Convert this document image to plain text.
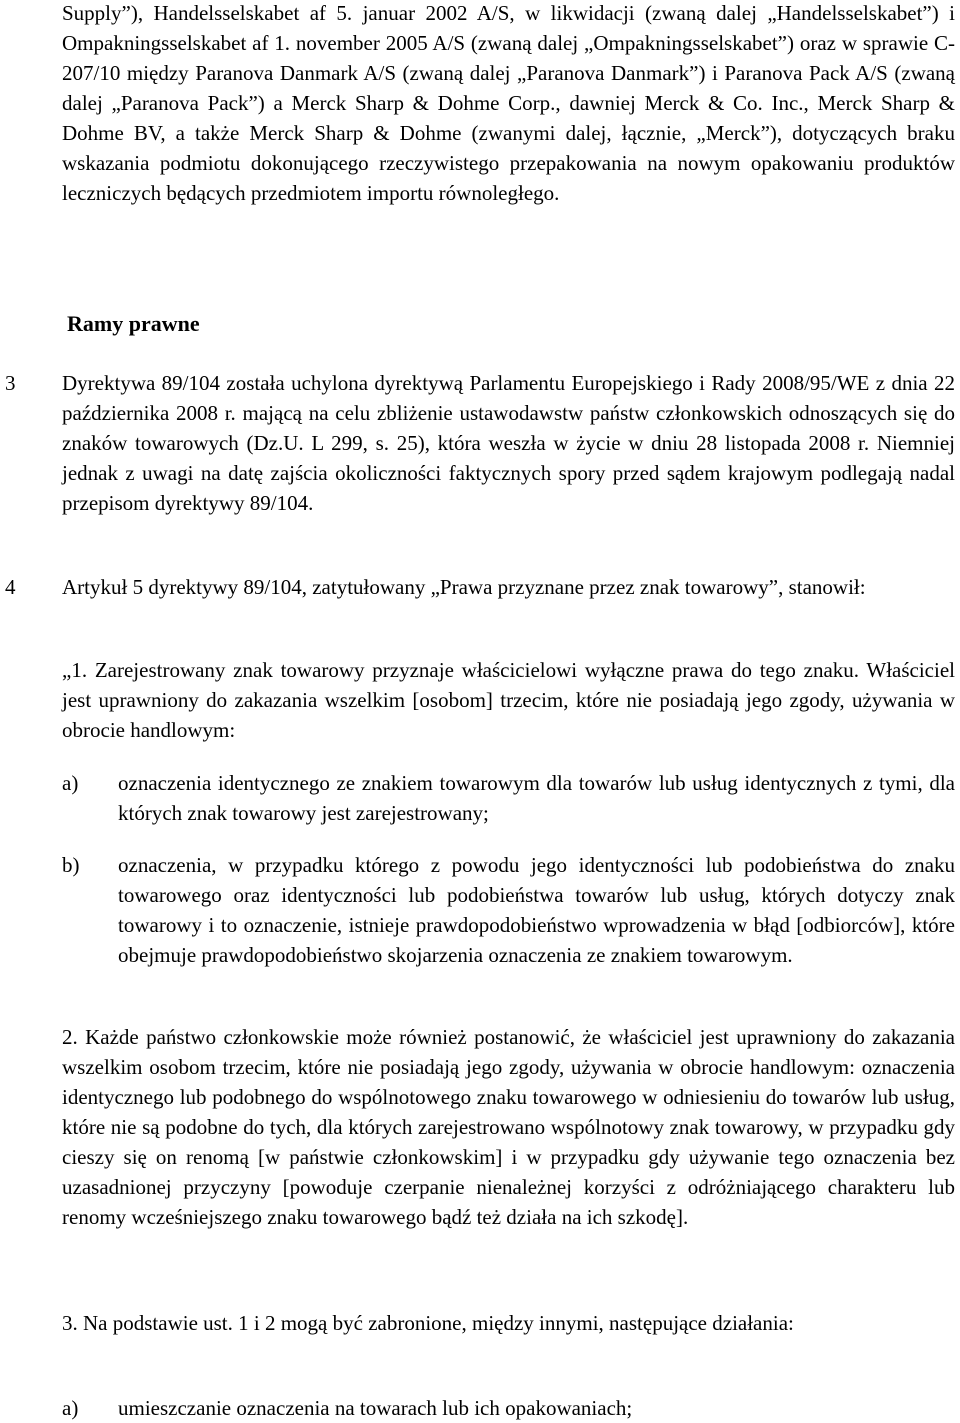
Supply”), Handelsselskabet af 5. januar 2002 A/S, w likwidacji (zwaną dalej „Handelsselskabet”) i Ompakningsselskabet af 1. november 2005 A/S (zwaną dalej „Ompakningsselskabet”) oraz w sprawie C-207/10 między Paranova Danmark A/S (zwaną dalej „Paranova Danmark”) i Paranova Pack A/S (zwaną dalej „Paranova Pack”) a Merck Sharp & Dohme Corp., dawniej Merck & Co. Inc., Merck Sharp & Dohme BV, a także Merck Sharp & Dohme (zwanymi dalej, łącznie, „Merck”), dotyczących braku wskazania podmiotu dokonującego rzeczywistego przepakowania na nowym opakowaniu produktów leczniczych będących przedmiotem importu równoległego.
Ramy prawne
3 Dyrektywa 89/104 została uchylona dyrektywą Parlamentu Europejskiego i Rady 2008/95/WE z dnia 22 października 2008 r. mającą na celu zbliżenie ustawodawstw państw członkowskich odnoszących się do znaków towarowych (Dz.U. L 299, s. 25), która weszła w życie w dniu 28 listopada 2008 r. Niemniej jednak z uwagi na datę zajścia okoliczności faktycznych spory przed sądem krajowym podlegają nadal przepisom dyrektywy 89/104.
4 Artykuł 5 dyrektywy 89/104, zatytułowany „Prawa przyznane przez znak towarowy”, stanowił:
„1. Zarejestrowany znak towarowy przyznaje właścicielowi wyłączne prawa do tego znaku. Właściciel jest uprawniony do zakazania wszelkim [osobom] trzecim, które nie posiadają jego zgody, używania w obrocie handlowym:
a) oznaczenia identycznego ze znakiem towarowym dla towarów lub usług identycznych z tymi, dla których znak towarowy jest zarejestrowany;
b) oznaczenia, w przypadku którego z powodu jego identyczności lub podobieństwa do znaku towarowego oraz identyczności lub podobieństwa towarów lub usług, których dotyczy znak towarowy i to oznaczenie, istnieje prawdopodobieństwo wprowadzenia w błąd [odbiorców], które obejmuje prawdopodobieństwo skojarzenia oznaczenia ze znakiem towarowym.
2. Każde państwo członkowskie może również postanowić, że właściciel jest uprawniony do zakazania wszelkim osobom trzecim, które nie posiadają jego zgody, używania w obrocie handlowym: oznaczenia identycznego lub podobnego do wspólnotowego znaku towarowego w odniesieniu do towarów lub usług, które nie są podobne do tych, dla których zarejestrowano wspólnotowy znak towarowy, w przypadku gdy cieszy się on renomą [w państwie członkowskim] i w przypadku gdy używanie tego oznaczenia bez uzasadnionej przyczyny [powoduje czerpanie nienależnej korzyści z odróżniającego charakteru lub renomy wcześniejszego znaku towarowego bądź też działa na ich szkodę].
3. Na podstawie ust. 1 i 2 mogą być zabronione, między innymi, następujące działania:
a) umieszczanie oznaczenia na towarach lub ich opakowaniach;
